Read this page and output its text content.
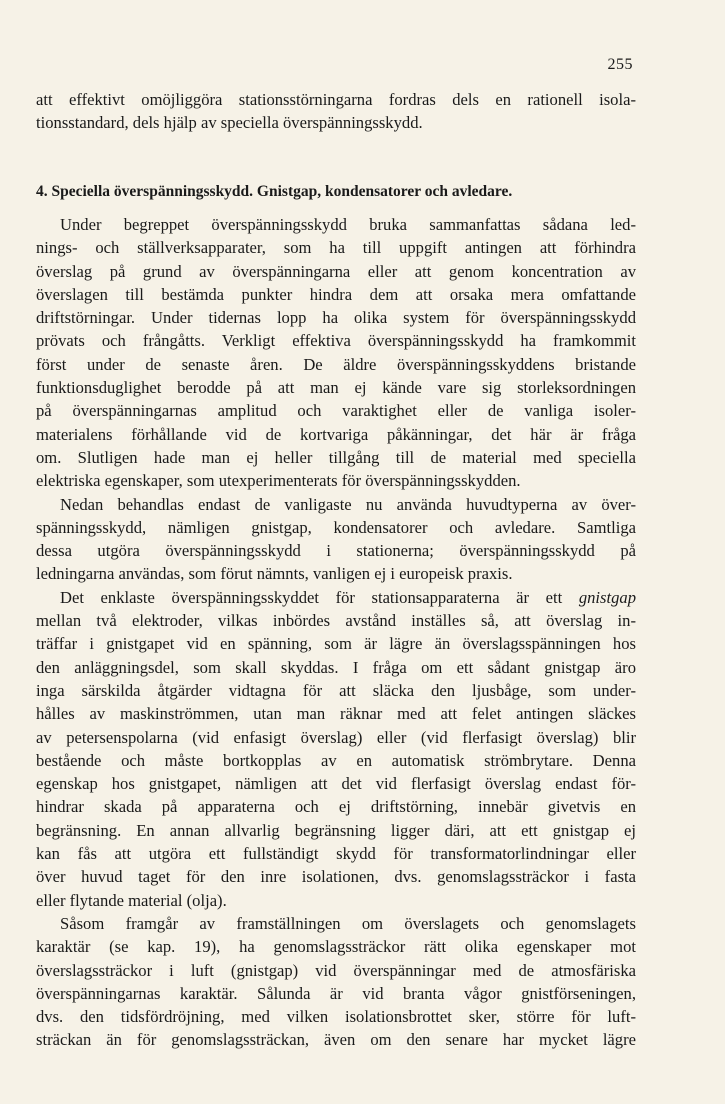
255
att effektivt omöjliggöra stationsstörningarna fordras dels en rationell isola-
tionsstandard, dels hjälp av speciella överspänningsskydd.
4. Speciella överspänningsskydd. Gnistgap, kondensatorer och avledare.
Under begreppet överspänningsskydd bruka sammanfattas sådana led-
nings- och ställverksapparater, som ha till uppgift antingen att förhindra
överslag på grund av överspänningarna eller att genom koncentration av
överslagen till bestämda punkter hindra dem att orsaka mera omfattande
driftstörningar. Under tidernas lopp ha olika system för överspänningsskydd
prövats och frångåtts. Verkligt effektiva överspänningsskydd ha framkommit
först under de senaste åren. De äldre överspänningsskyddens bristande
funktionsduglighet berodde på att man ej kände vare sig storleksordningen
på överspänningarnas amplitud och varaktighet eller de vanliga isoler-
materialens förhållande vid de kortvariga påkänningar, det här är fråga
om. Slutligen hade man ej heller tillgång till de material med speciella
elektriska egenskaper, som utexperimenterats för överspänningsskydden.
Nedan behandlas endast de vanligaste nu använda huvudtyperna av över-
spänningsskydd, nämligen gnistgap, kondensatorer och avledare. Samtliga
dessa utgöra överspänningsskydd i stationerna; överspänningsskydd på
ledningarna användas, som förut nämnts, vanligen ej i europeisk praxis.
Det enklaste överspänningsskyddet för stationsapparaterna är ett gnistgap
mellan två elektroder, vilkas inbördes avstånd inställes så, att överslag in-
träffar i gnistgapet vid en spänning, som är lägre än överslagsspänningen hos
den anläggningsdel, som skall skyddas. I fråga om ett sådant gnistgap äro
inga särskilda åtgärder vidtagna för att släcka den ljusbåge, som under-
hålles av maskinströmmen, utan man räknar med att felet antingen släckes
av petersenspolarna (vid enfasigt överslag) eller (vid flerfasigt överslag) blir
bestående och måste bortkopplas av en automatisk strömbrytare. Denna
egenskap hos gnistgapet, nämligen att det vid flerfasigt överslag endast för-
hindrar skada på apparaterna och ej driftstörning, innebär givetvis en
begränsning. En annan allvarlig begränsning ligger däri, att ett gnistgap ej
kan fås att utgöra ett fullständigt skydd för transformatorlindningar eller
över huvud taget för den inre isolationen, dvs. genomslagssträckor i fasta
eller flytande material (olja).
Såsom framgår av framställningen om överslagets och genomslagets
karaktär (se kap. 19), ha genomslagssträckor rätt olika egenskaper mot
överslagssträckor i luft (gnistgap) vid överspänningar med de atmosfäriska
överspänningarnas karaktär. Sålunda är vid branta vågor gnistförseningen,
dvs. den tidsfördröjning, med vilken isolationsbrottet sker, större för luft-
sträckan än för genomslagssträckan, även om den senare har mycket lägre
